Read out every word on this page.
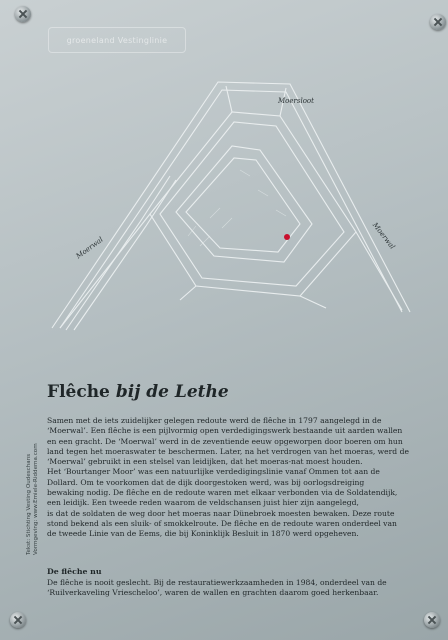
groeneland Vestinglinie
Moersloot
Moerwal	Moerwal
Flêche bij de Lethe

Samen met de iets zuidelijker gelegen redoute werd de flêche in 1797 aangelegd in de

‘Moerwal’. Een flêche is een pijlvormig open verdedigingswerk bestaande uit aarden wallen

en een gracht. De ‘Moerwal’ werd in de zeventiende eeuw opgeworpen door boeren om hun

land tegen het moeraswater te beschermen. Later, na het verdrogen van het moeras, werd de

‘Moerwal’ gebruikt in een stelsel van leidijken, dat het moeras-nat moest houden.

Het ‘Bourtanger Moor’ was een natuurlijke verdedigingslinie vanaf Ommen tot aan de

Dollard. Om te voorkomen dat de dijk doorgestoken werd, was bij oorlogsdreiging

bewaking nodig. De flêche en de redoute waren met elkaar verbonden via de Soldatendijk,

een leidijk. Een tweede reden waarom de veldschansen juist hier zijn aangelegd,

is dat de soldaten de weg door het moeras naar Dünebroek moesten bewaken. Deze route

stond bekend als een sluik- of smokkelroute. De flêche en de redoute waren onderdeel van

de tweede Linie van de Eems, die bij Koninklijk Besluit in 1870 werd opgeheven.

De flêche nu

De flêche is nooit geslecht. Bij de restauratiewerkzaamheden in 1984, onderdeel van de

‘Ruilverkaveling Vriescheloo’, waren de wallen en grachten daarom goed herkenbaar.

Tekst: Stichting Vesting Oudeschans Vormgeving: www.Emiele-Riddema.com
